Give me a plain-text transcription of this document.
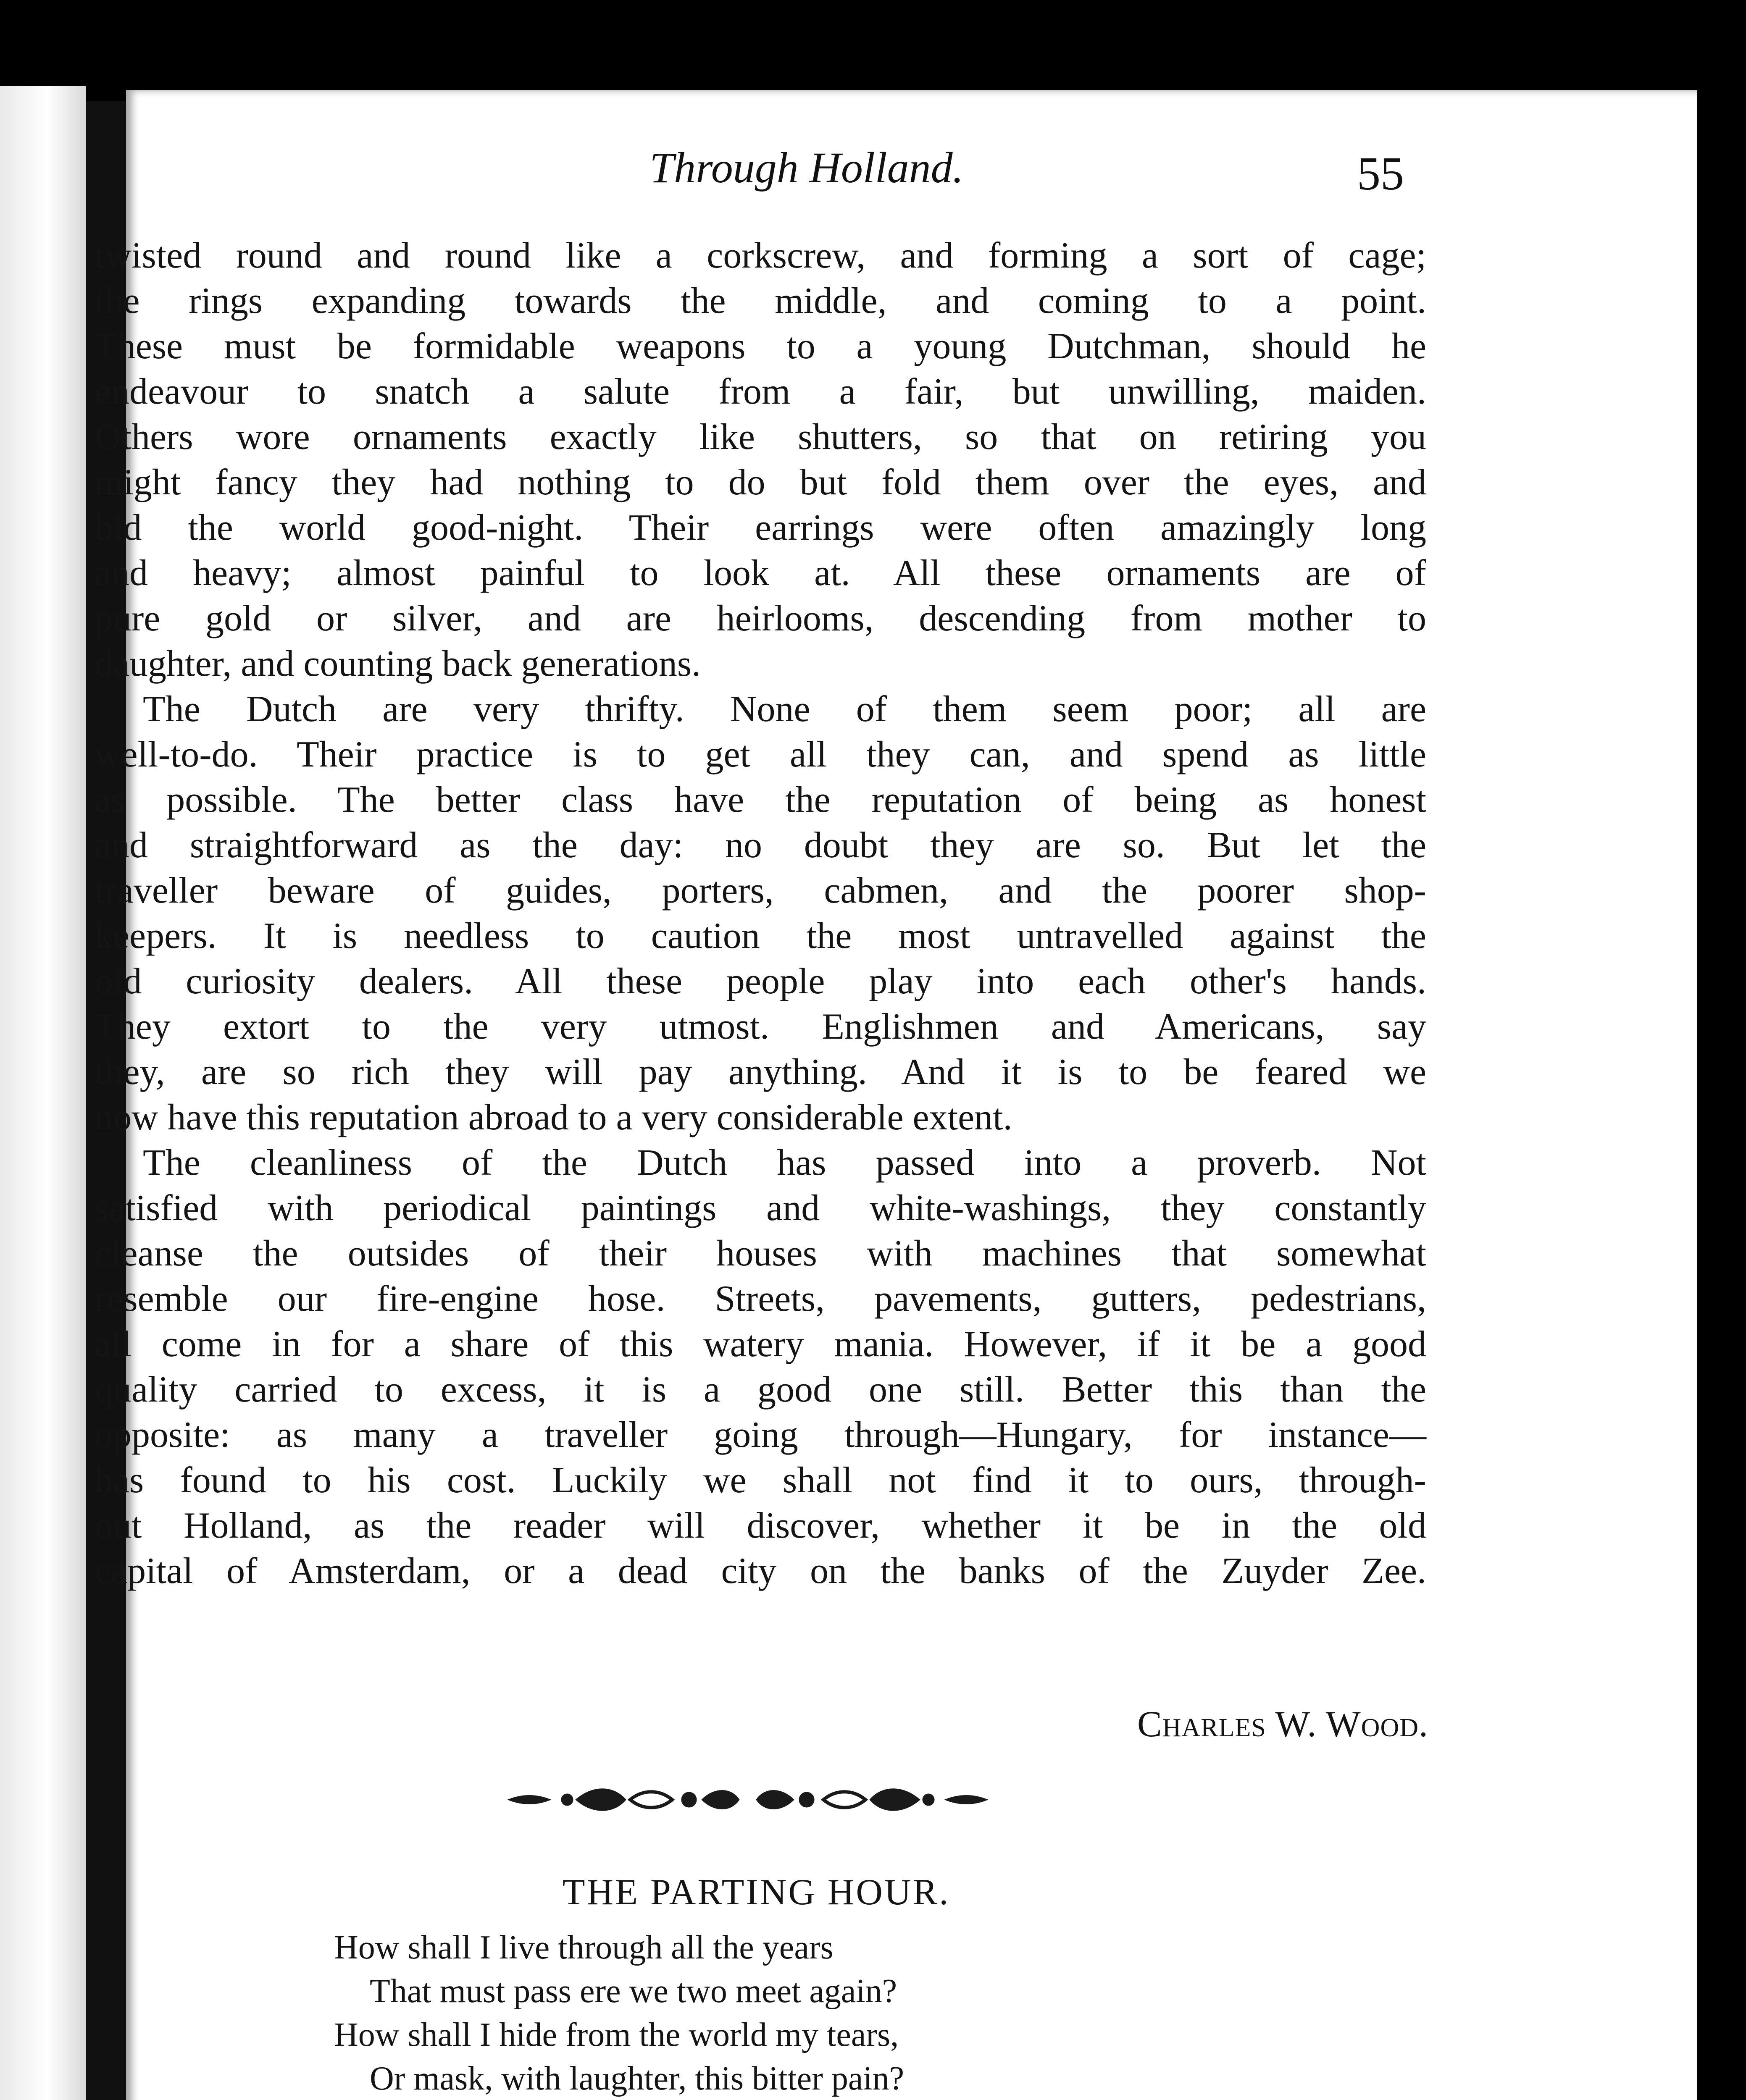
Through Holland.	55
twisted round and round like a corkscrew, and forming a sort of cage;
the rings expanding towards the middle, and coming to a point.
These must be formidable weapons to a young Dutchman, should he
endeavour to snatch a salute from a fair, but unwilling, maiden.
Others wore ornaments exactly like shutters, so that on retiring you
might fancy they had nothing to do but fold them over the eyes, and
bid the world good-night. Their earrings were often amazingly long
and heavy; almost painful to look at. All these ornaments are of
pure gold or silver, and are heirlooms, descending from mother to
daughter, and counting back generations.
The Dutch are very thrifty. None of them seem poor; all are
well-to-do. Their practice is to get all they can, and spend as little
as possible. The better class have the reputation of being as honest
and straightforward as the day: no doubt they are so. But let the
traveller beware of guides, porters, cabmen, and the poorer shop-
keepers. It is needless to caution the most untravelled against the
old curiosity dealers. All these people play into each other's hands.
They extort to the very utmost. Englishmen and Americans, say
they, are so rich they will pay anything. And it is to be feared we
now have this reputation abroad to a very considerable extent.
The cleanliness of the Dutch has passed into a proverb. Not
satisfied with periodical paintings and white-washings, they constantly
cleanse the outsides of their houses with machines that somewhat
resemble our fire-engine hose. Streets, pavements, gutters, pedestrians,
all come in for a share of this watery mania. However, if it be a good
quality carried to excess, it is a good one still. Better this than the
opposite: as many a traveller going through—Hungary, for instance—
has found to his cost. Luckily we shall not find it to ours, through-
out Holland, as the reader will discover, whether it be in the old
capital of Amsterdam, or a dead city on the banks of the Zuyder Zee.
Charles W. Wood.
THE PARTING HOUR.
How shall I live through all the years
That must pass ere we two meet again?
How shall I hide from the world my tears,
Or mask, with laughter, this bitter pain?
